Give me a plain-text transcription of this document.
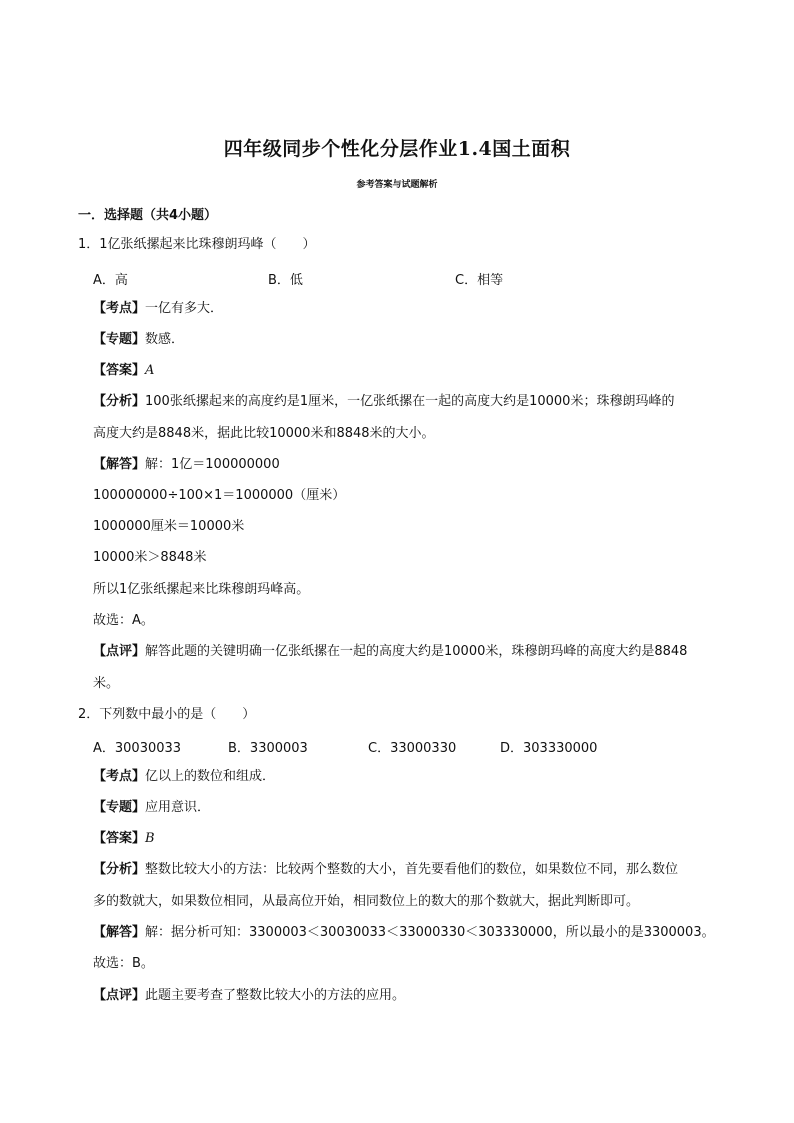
四年级同步个性化分层作业1.4国土面积
参考答案与试题解析
一．选择题（共4小题）
1．1亿张纸摞起来比珠穆朗玛峰（　　）
A．高	B．低	C．相等
【考点】一亿有多大．
【专题】数感．
【答案】A
【分析】100张纸摞起来的高度约是1厘米，一亿张纸摞在一起的高度大约是10000米；珠穆朗玛峰的
高度大约是8848米，据此比较10000米和8848米的大小。
【解答】解：1亿＝100000000
100000000÷100×1＝1000000（厘米）
1000000厘米＝10000米
10000米＞8848米
所以1亿张纸摞起来比珠穆朗玛峰高。
故选：A。
【点评】解答此题的关键明确一亿张纸摞在一起的高度大约是10000米，珠穆朗玛峰的高度大约是8848
米。
2．下列数中最小的是（　　）
A．30030033	B．3300003	C．33000330	D．303330000
【考点】亿以上的数位和组成．
【专题】应用意识．
【答案】B
【分析】整数比较大小的方法：比较两个整数的大小，首先要看他们的数位，如果数位不同，那么数位
多的数就大，如果数位相同，从最高位开始，相同数位上的数大的那个数就大，据此判断即可。
【解答】解：据分析可知：3300003＜30030033＜33000330＜303330000，所以最小的是3300003。
故选：B。
【点评】此题主要考查了整数比较大小的方法的应用。
